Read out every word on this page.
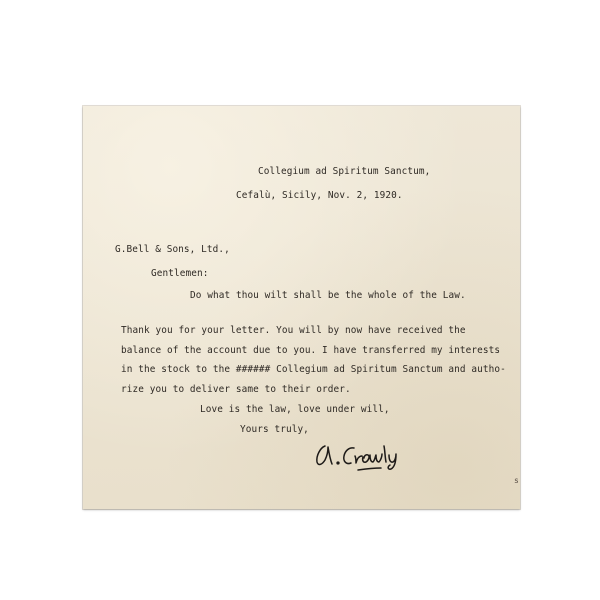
Collegium ad Spiritum Sanctum,
Cefalù, Sicily, Nov. 2, 1920.
G.Bell & Sons, Ltd.,
Gentlemen:
Do what thou wilt shall be the whole of the Law.
Thank you for your letter. You will by now have received the
balance of the account due to you. I have transferred my interests
in the stock to the ###### Collegium ad Spiritum Sanctum and autho-
rize you to deliver same to their order.
Love is the law, love under will,
Yours truly,
s
